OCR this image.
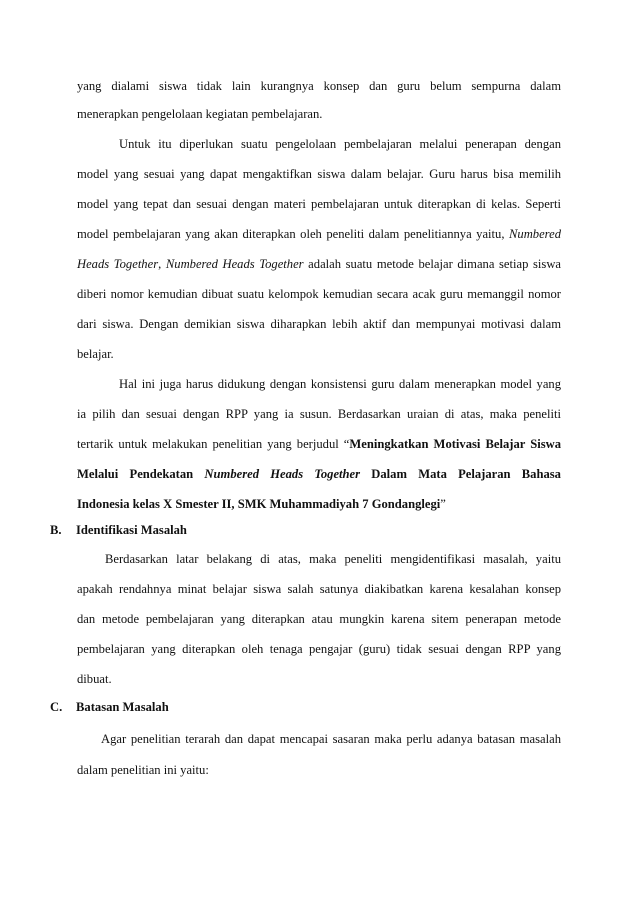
yang dialami siswa tidak lain kurangnya konsep dan guru belum sempurna dalam
menerapkan pengelolaan kegiatan pembelajaran.
Untuk itu diperlukan suatu pengelolaan pembelajaran melalui penerapan dengan
model yang sesuai yang dapat mengaktifkan siswa dalam belajar. Guru harus bisa memilih
model yang tepat dan sesuai dengan materi pembelajaran untuk diterapkan di kelas. Seperti
model pembelajaran yang akan diterapkan oleh peneliti dalam penelitiannya yaitu, Numbered
Heads Together, Numbered Heads Together adalah suatu metode belajar dimana setiap siswa
diberi nomor kemudian dibuat suatu kelompok kemudian secara acak guru memanggil nomor
dari siswa. Dengan demikian siswa diharapkan lebih aktif dan mempunyai motivasi dalam
belajar.
Hal ini juga harus didukung dengan konsistensi guru dalam menerapkan model yang
ia pilih dan sesuai dengan RPP yang ia susun. Berdasarkan uraian di atas, maka peneliti
tertarik untuk melakukan penelitian yang berjudul “Meningkatkan Motivasi Belajar Siswa
Melalui Pendekatan Numbered Heads Together Dalam Mata Pelajaran Bahasa
Indonesia kelas X Smester II, SMK Muhammadiyah 7 Gondanglegi”
B. Identifikasi Masalah
Berdasarkan latar belakang di atas, maka peneliti mengidentifikasi masalah, yaitu
apakah rendahnya minat belajar siswa salah satunya diakibatkan karena kesalahan konsep
dan metode pembelajaran yang diterapkan atau mungkin karena sitem penerapan metode
pembelajaran yang diterapkan oleh tenaga pengajar (guru) tidak sesuai dengan RPP yang
dibuat.
C. Batasan Masalah
Agar penelitian terarah dan dapat mencapai sasaran maka perlu adanya batasan masalah
dalam penelitian ini yaitu:
